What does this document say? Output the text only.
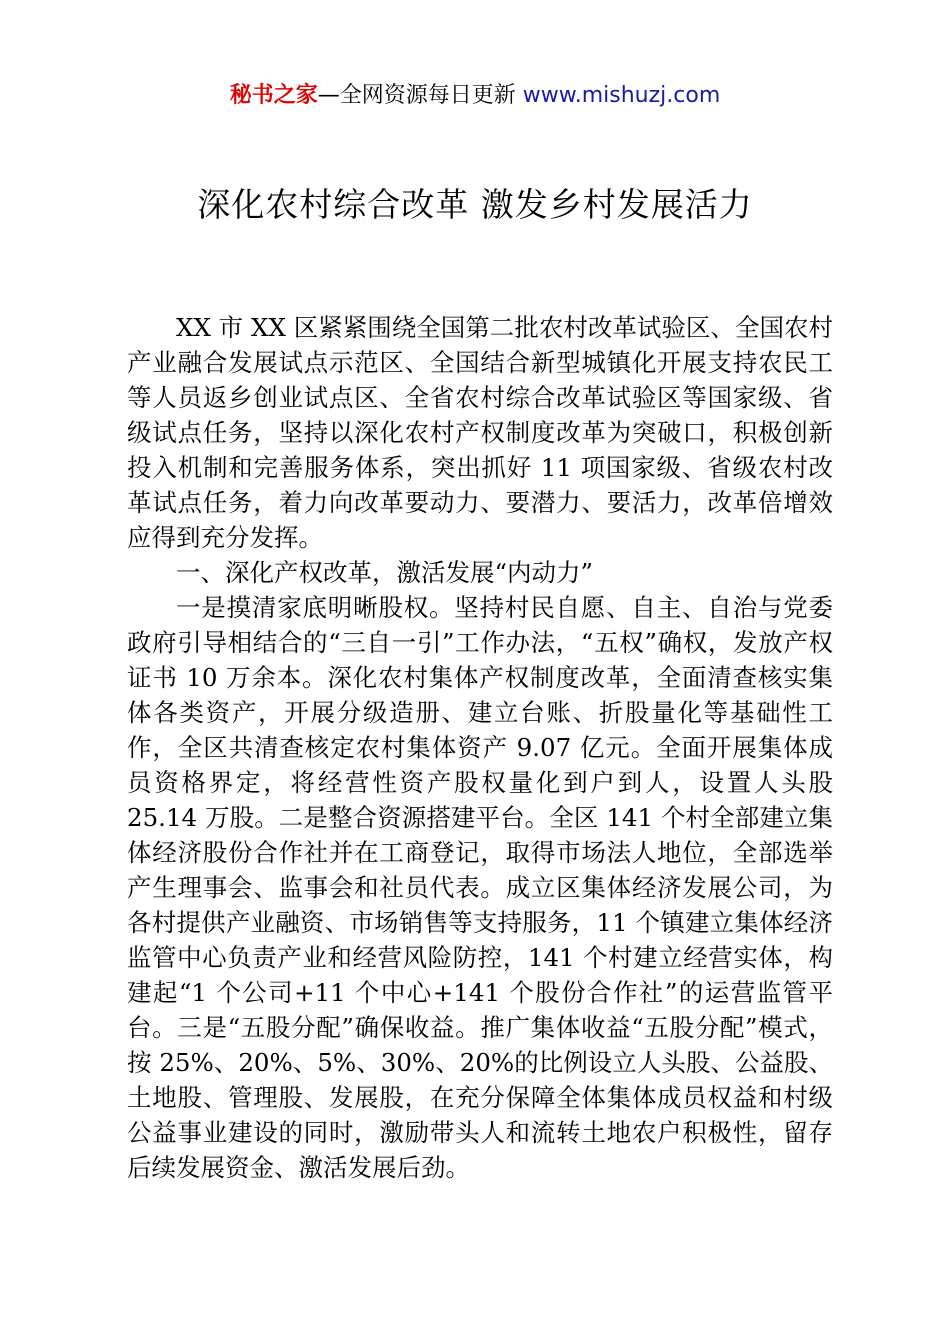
秘书之家—全网资源每日更新 www.mishuzj.com
深化农村综合改革 激发乡村发展活力

XX 市 XX 区紧紧围绕全国第二批农村改革试验区、全国农村产业融合发展试点示范区、全国结合新型城镇化开展支持农民工等人员返乡创业试点区、全省农村综合改革试验区等国家级、省级试点任务，坚持以深化农村产权制度改革为突破口，积极创新投入机制和完善服务体系，突出抓好 11 项国家级、省级农村改革试点任务，着力向改革要动力、要潜力、要活力，改革倍增效应得到充分发挥。

一、深化产权改革，激活发展“内动力”

一是摸清家底明晰股权。坚持村民自愿、自主、自治与党委政府引导相结合的“三自一引”工作办法，“五权”确权，发放产权证书 10 万余本。深化农村集体产权制度改革，全面清查核实集体各类资产，开展分级造册、建立台账、折股量化等基础性工作，全区共清查核定农村集体资产 9.07 亿元。全面开展集体成员资格界定，将经营性资产股权量化到户到人，设置人头股 25.14 万股。二是整合资源搭建平台。全区 141 个村全部建立集体经济股份合作社并在工商登记，取得市场法人地位，全部选举产生理事会、监事会和社员代表。成立区集体经济发展公司，为各村提供产业融资、市场销售等支持服务，11 个镇建立集体经济监管中心负责产业和经营风险防控，141 个村建立经营实体，构建起“1 个公司+11 个中心+141 个股份合作社”的运营监管平台。三是“五股分配”确保收益。推广集体收益“五股分配”模式，按 25%、20%、5%、30%、20%的比例设立人头股、公益股、土地股、管理股、发展股，在充分保障全体集体成员权益和村级公益事业建设的同时，激励带头人和流转土地农户积极性，留存后续发展资金、激活发展后劲。
